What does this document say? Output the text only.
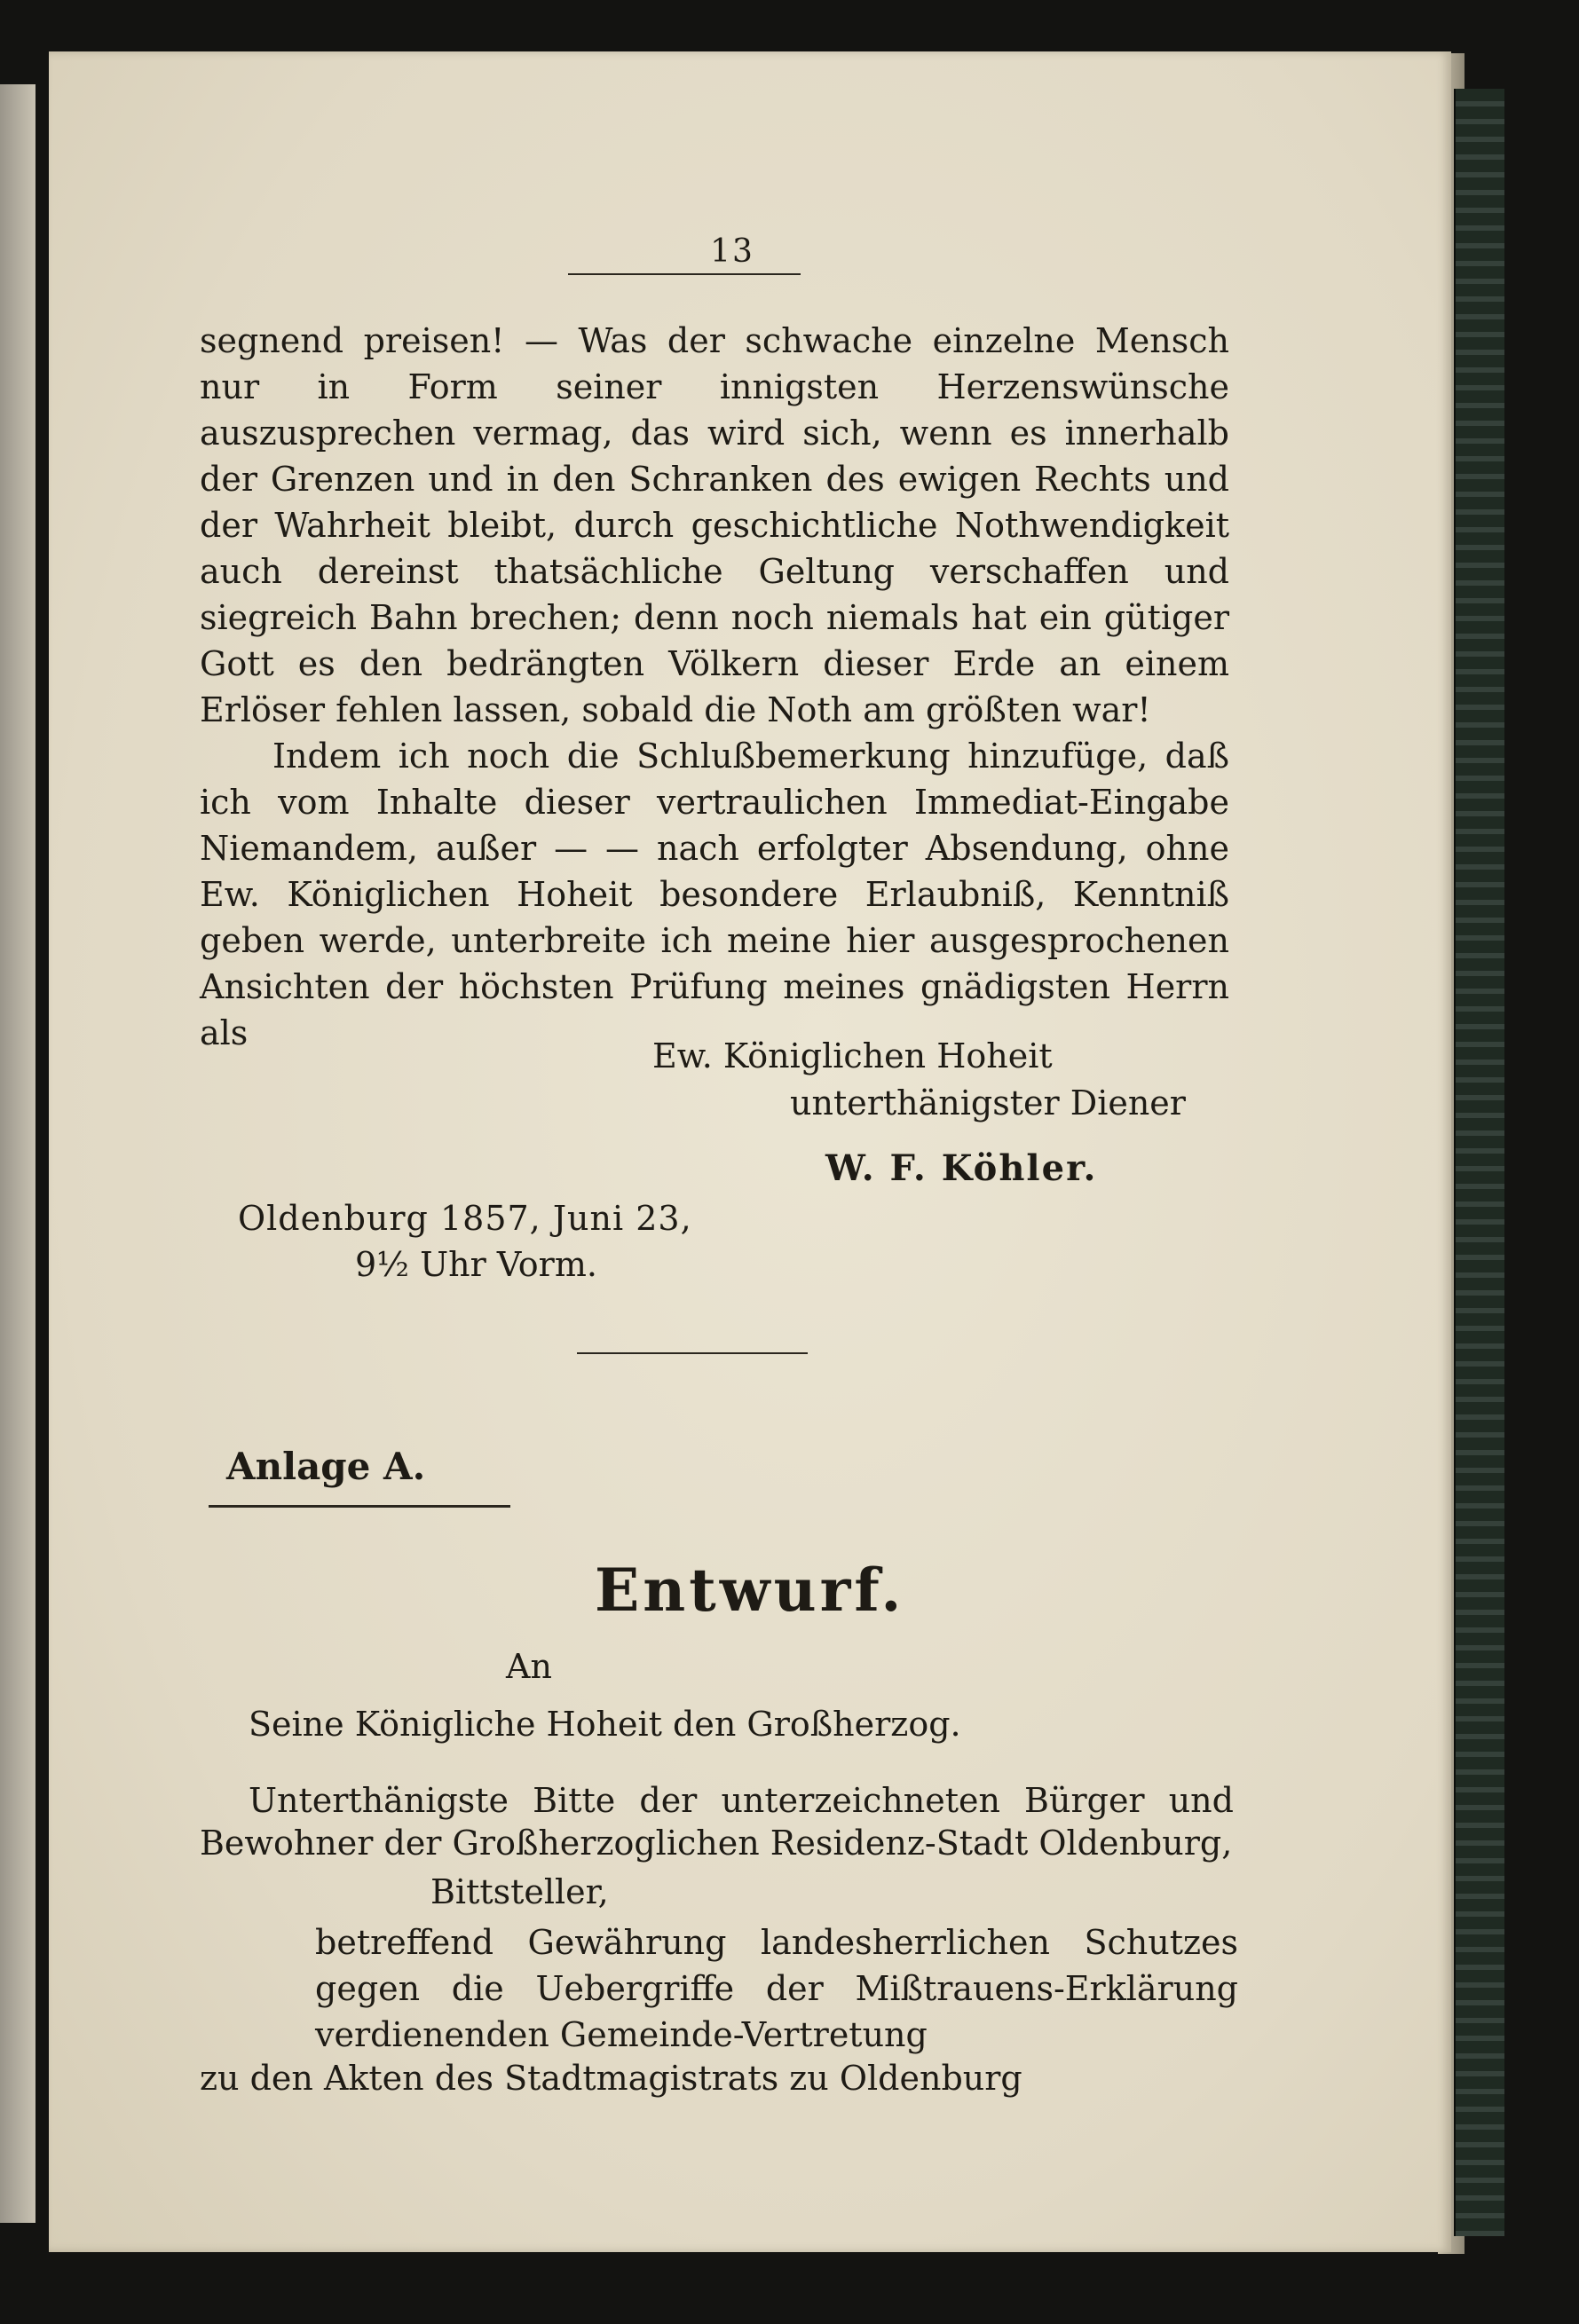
13

segnend preisen! — Was der schwache einzelne Mensch nur in Form seiner innigsten Herzenswünsche auszusprechen vermag, das wird sich, wenn es innerhalb der Grenzen und in den Schranken des ewigen Rechts und der Wahrheit bleibt, durch geschichtliche Nothwendigkeit auch dereinst thatsächliche Geltung verschaffen und siegreich Bahn brechen; denn noch niemals hat ein gütiger Gott es den bedrängten Völkern dieser Erde an einem Erlöser fehlen lassen, sobald die Noth am größten war!

Indem ich noch die Schlußbemerkung hinzufüge, daß ich vom Inhalte dieser vertraulichen Immediat-Eingabe Niemandem, außer — — nach erfolgter Absendung, ohne Ew. Königlichen Hoheit besondere Erlaubniß, Kenntniß geben werde, unterbreite ich meine hier ausgesprochenen Ansichten der höchsten Prüfung meines gnädigsten Herrn als

Ew. Königlichen Hoheit
unterthänigster Diener
W. F. Köhler.
Oldenburg 1857, Juni 23,
9½ Uhr Vorm.
Anlage A.
Entwurf.
An
Seine Königliche Hoheit den Großherzog.
Unterthänigste Bitte der unterzeichneten Bürger und
Bewohner der Großherzoglichen Residenz-Stadt Oldenburg,
Bittsteller,
betreffend Gewährung landesherrlichen Schutzes gegen die Uebergriffe der Mißtrauens-Erklärung verdienenden Gemeinde-Vertretung
zu den Akten des Stadtmagistrats zu Oldenburg
